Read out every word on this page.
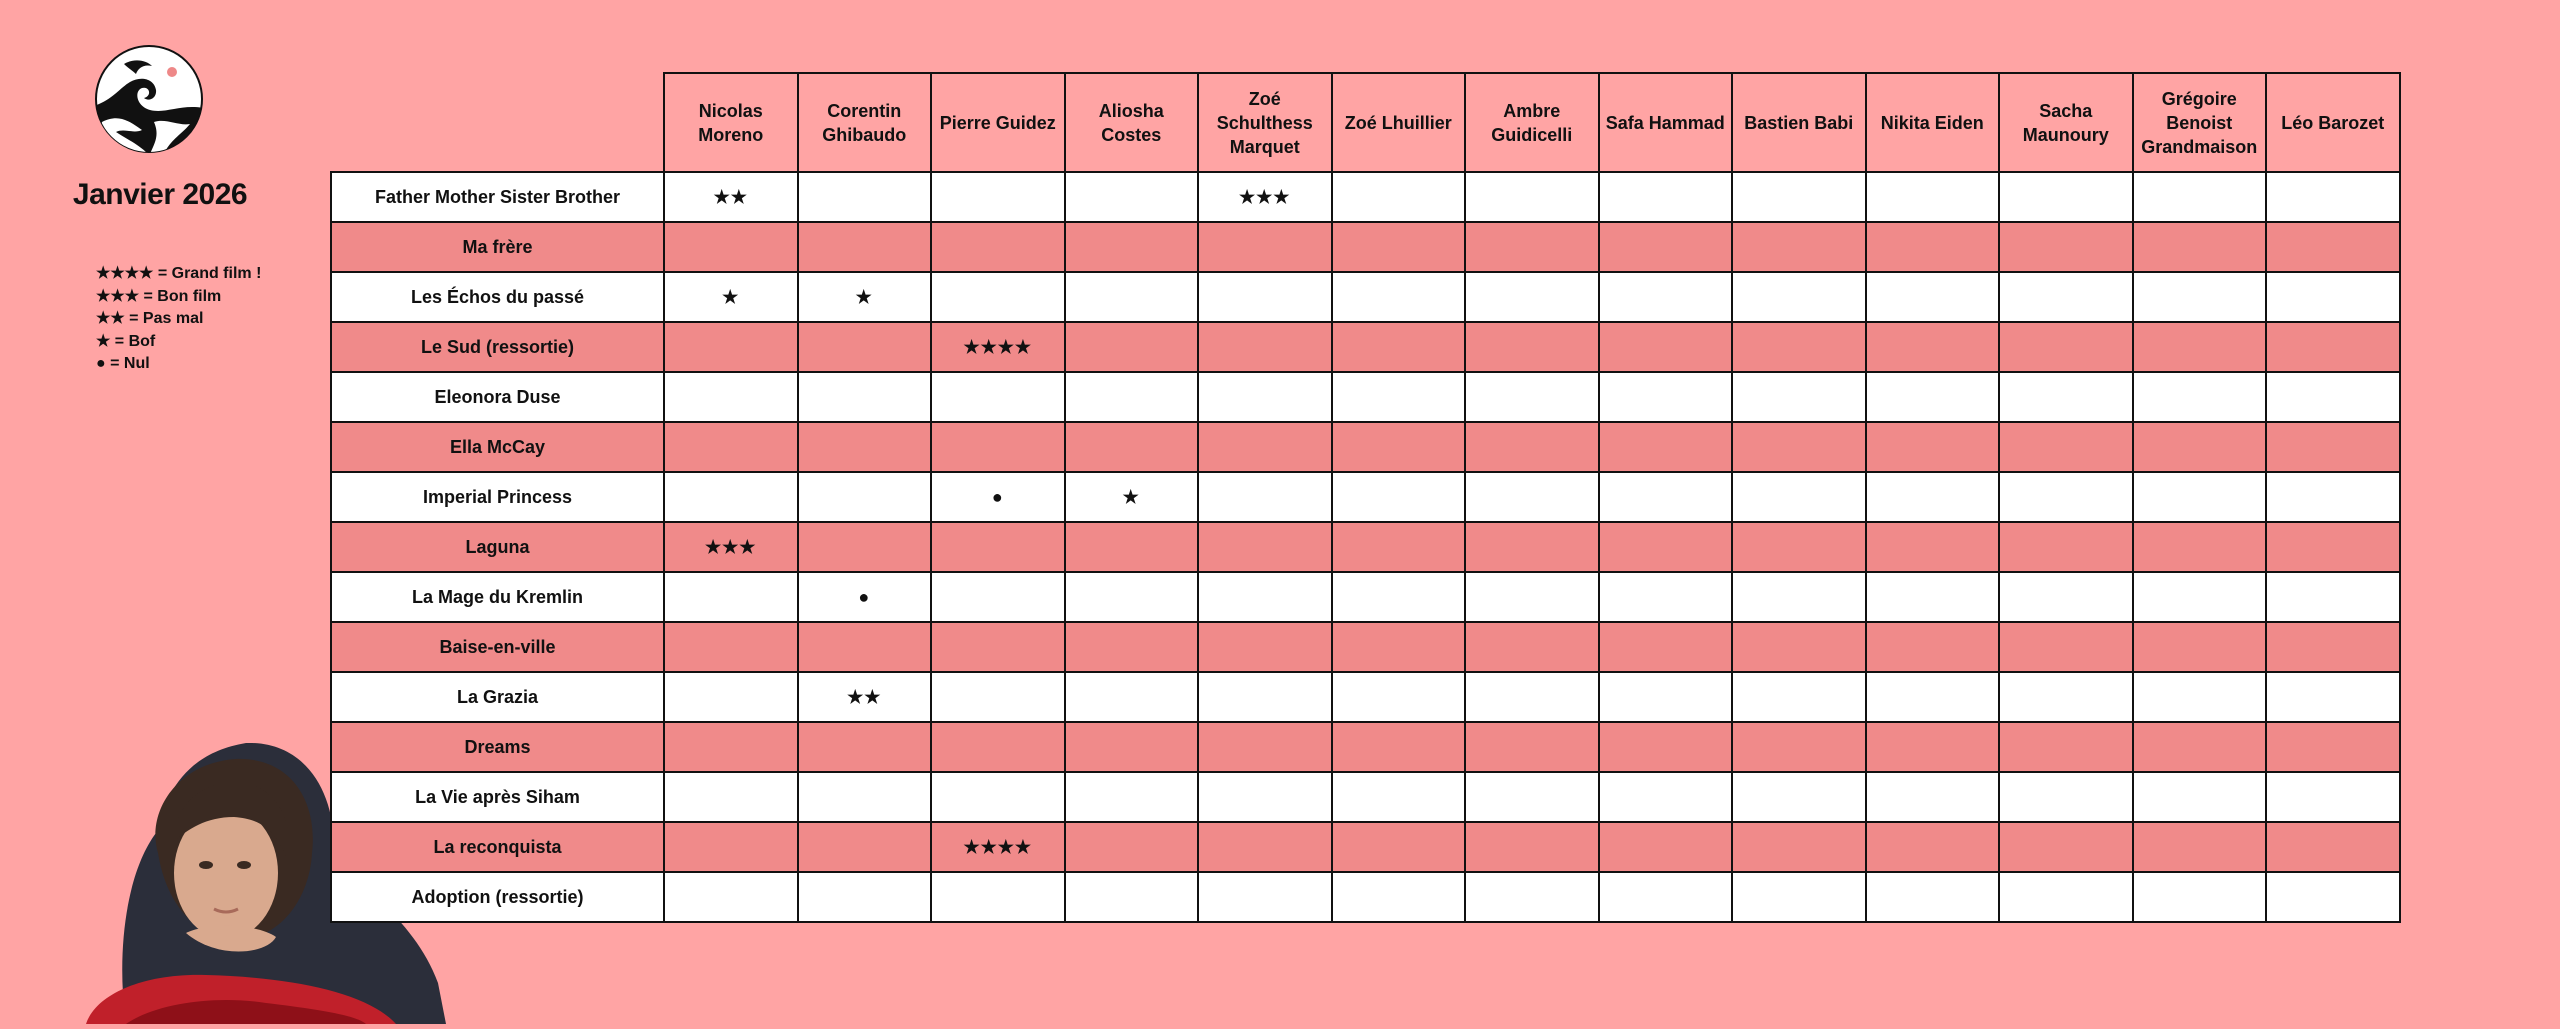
Janvier 2026
★★★★ = Grand film !
★★★ = Bon film
★★ = Pas mal
★ = Bof
● = Nul
	Nicolas Moreno	Corentin Ghibaudo	Pierre Guidez	Aliosha Costes	Zoé Schulthess Marquet	Zoé Lhuillier	Ambre Guidicelli	Safa Hammad	Bastien Babi	Nikita Eiden	Sacha Maunoury	Grégoire Benoist Grandmaison	Léo Barozet
Father Mother Sister Brother	★★				★★★								
Ma frère													
Les Échos du passé	★	★											
Le Sud (ressortie)			★★★★										
Eleonora Duse													
Ella McCay													
Imperial Princess			●	★									
Laguna	★★★												
La Mage du Kremlin		●											
Baise-en-ville													
La Grazia		★★											
Dreams													
La Vie après Siham													
La reconquista			★★★★										
Adoption (ressortie)													
